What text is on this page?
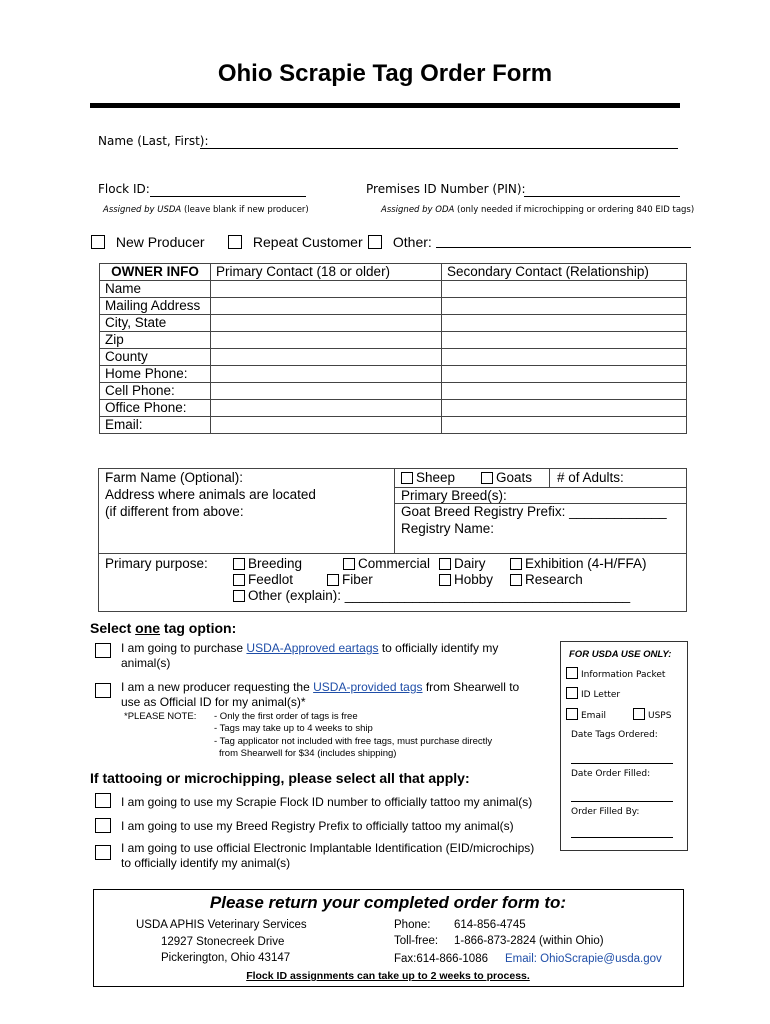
Ohio Scrapie Tag Order Form
Name (Last, First):
Flock ID:	Premises ID Number (PIN):
Assigned by USDA (leave blank if new producer)	Assigned by ODA (only needed if microchipping or ordering 840 EID tags)
New Producer	Repeat Customer	Other:
OWNER INFO	Primary Contact (18 or older)	Secondary Contact (Relationship)
Name		
Mailing Address		
City, State		
Zip		
County		
Home Phone:		
Cell Phone:		
Office Phone:		
Email:		
Farm Name (Optional):
Address where animals are located
(if different from above:
Sheep	Goats # of Adults:
Primary Breed(s):
Goat Breed Registry Prefix: _____________
Registry Name:
Primary purpose:	Breeding	Commercial	Dairy	Exhibition (4-H/FFA)
Feedlot	Fiber	Hobby	Research
Other (explain): ______________________________________
Select one tag option:
I am going to purchase USDA-Approved eartags to officially identify my
animal(s)
I am a new producer requesting the USDA-provided tags from Shearwell to
use as Official ID for my animal(s)*
*PLEASE NOTE: - Only the first order of tags is free
- Tags may take up to 4 weeks to ship
- Tag applicator not included with free tags, must purchase directly
from Shearwell for $34 (includes shipping)
If tattooing or microchipping, please select all that apply:
I am going to use my Scrapie Flock ID number to officially tattoo my animal(s)
I am going to use my Breed Registry Prefix to officially tattoo my animal(s)
I am going to use official Electronic Implantable Identification (EID/microchips)
to officially identify my animal(s)
FOR USDA USE ONLY:
Information Packet
ID Letter
Email	USPS
Date Tags Ordered:
Date Order Filled:
Order Filled By:
Please return your completed order form to:
USDA APHIS Veterinary Services
12927 Stonecreek Drive
Pickerington, Ohio 43147
Phone: 614-856-4745
Toll-free: 1-866-873-2824 (within Ohio)
Fax:614-866-1086 Email: OhioScrapie@usda.gov
Flock ID assignments can take up to 2 weeks to process.
